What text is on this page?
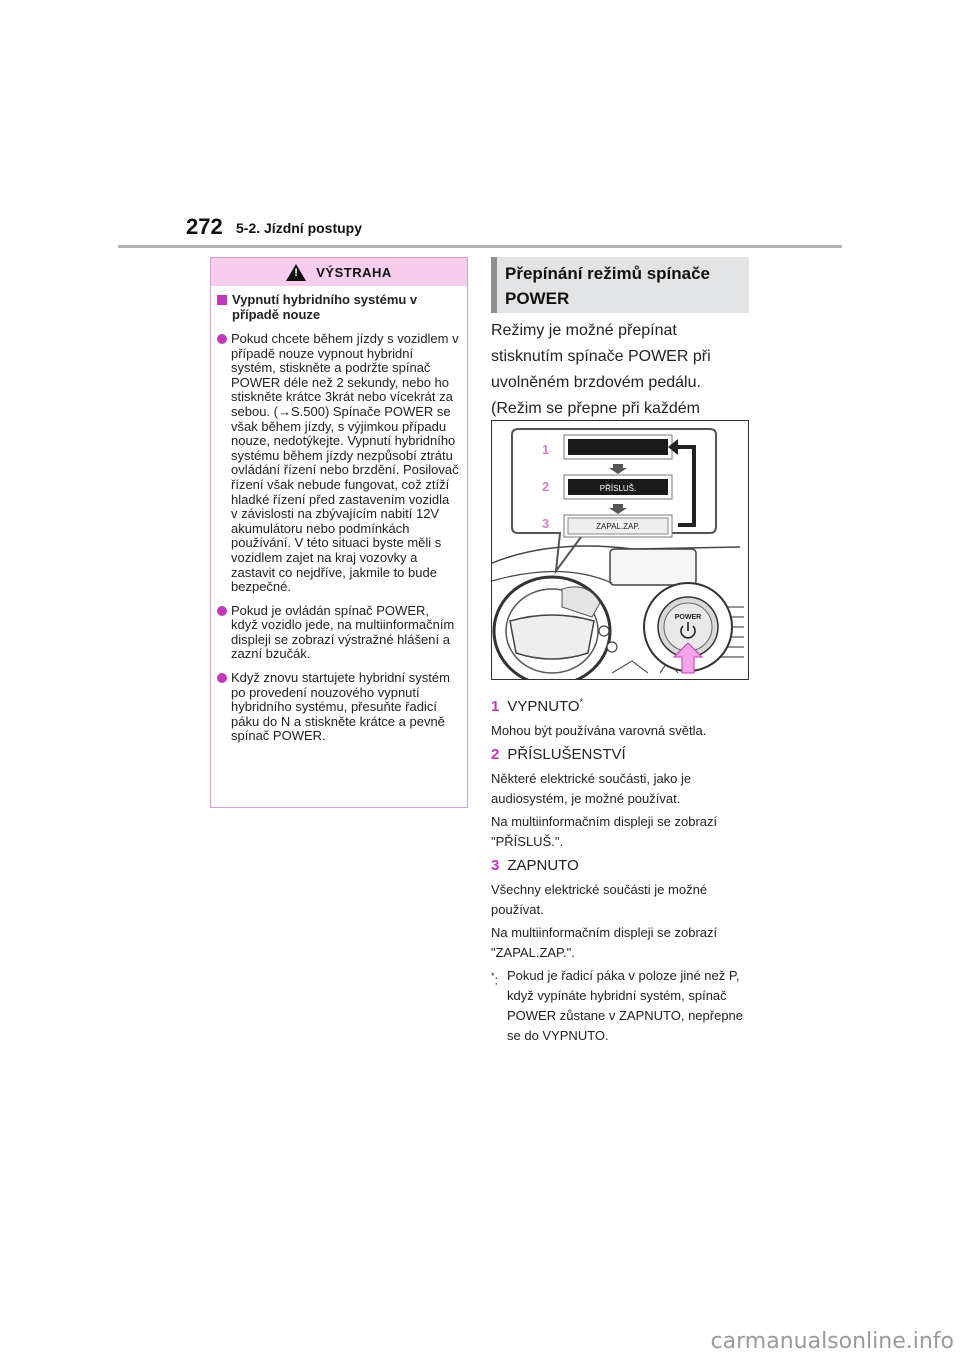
272 5-2. Jízdní postupy
!
VÝSTRAHA
Vypnutí hybridního systému v případě nouze
Pokud chcete během jízdy s vozidlem v případě nouze vypnout hybridní systém, stiskněte a podržte spínač POWER déle než 2 sekundy, nebo ho stiskněte krátce 3krát nebo vícekrát za sebou. (→S.500) Spínače POWER se však během jízdy, s výjimkou případu nouze, nedotýkejte. Vypnutí hybridního systému během jízdy nezpůsobí ztrátu ovládání řízení nebo brzdění. Posilovač řízení však nebude fungovat, což ztíží hladké řízení před zastavením vozidla v závislosti na zbývajícím nabití 12V akumulátoru nebo podmínkách používání. V této situaci byste měli s vozidlem zajet na kraj vozovky a zastavit co nejdříve, jakmile to bude bezpečné.
Pokud je ovládán spínač POWER, když vozidlo jede, na multiinformačním displeji se zobrazí výstražné hlášení a zazní bzučák.
Když znovu startujete hybridní systém po provedení nouzového vypnutí hybridního systému, přesuňte řadicí páku do N a stiskněte krátce a pevně spínač POWER.
Přepínání režimů spínače
POWER
Režimy je možné přepínat stisknutím spínače POWER při uvolněném brzdovém pedálu. (Režim se přepne při každém
1
2
3
PŘÍSLUŠ.
ZAPAL.ZAP.
POWER
1 VYPNUTO*

Mohou být používána varovná světla.

2 PŘÍSLUŠENSTVÍ

Některé elektrické součásti, jako je audiosystém, je možné používat.

Na multiinformačním displeji se zobrazí "PŘÍSLUŠ.".

3 ZAPNUTO

Všechny elektrické součásti je možné používat.

Na multiinformačním displeji se zobrazí "ZAPAL.ZAP.".

*: Pokud je řadicí páka v poloze jiné než P, když vypínáte hybridní systém, spínač POWER zůstane v ZAPNUTO, nepřepne se do VYPNUTO.
carmanualsonline.info
